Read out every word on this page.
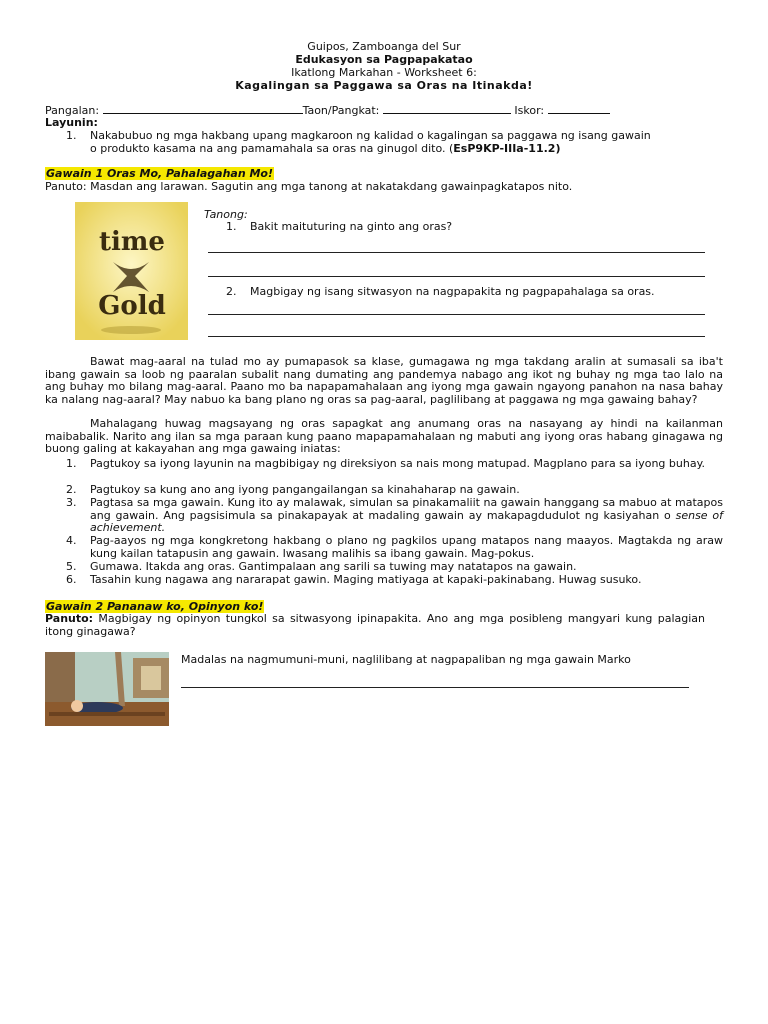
Guipos, Zamboanga del Sur
Edukasyon sa Pagpapakatao
Ikatlong Markahan - Worksheet 6:
Kagalingan sa Paggawa sa Oras na Itinakda!
Pangalan:	Taon/Pangkat:	Iskor:
Layunin:
1. Nakabubuo ng mga hakbang upang magkaroon ng kalidad o kagalingan sa paggawa ng isang gawain
o produkto kasama na ang pamamahala sa oras na ginugol dito. (EsP9KP-IIIa-11.2)
Gawain 1 Oras Mo, Pahalagahan Mo!
Panuto: Masdan ang larawan. Sagutin ang mga tanong at nakatakdang gawainpagkatapos nito.
time
Gold
Tanong:
1. Bakit maituturing na ginto ang oras?
2. Magbigay ng isang sitwasyon na nagpapakita ng pagpapahalaga sa oras.
Bawat mag-aaral na tulad mo ay pumapasok sa klase, gumagawa ng mga takdang aralin at sumasali sa iba't ibang gawain sa loob ng paaralan subalit nang dumating ang pandemya nabago ang ikot ng buhay ng mga tao lalo na ang buhay mo bilang mag-aaral. Paano mo ba napapamahalaan ang iyong mga gawain ngayong panahon na nasa bahay ka nalang nag-aaral? May nabuo ka bang plano ng oras sa pag-aaral, paglilibang at paggawa ng mga gawaing bahay?
Mahalagang huwag magsayang ng oras sapagkat ang anumang oras na nasayang ay hindi na kailanman maibabalik. Narito ang ilan sa mga paraan kung paano mapapamahalaan ng mabuti ang iyong oras habang ginagawa ng buong galing at kakayahan ang mga gawaing iniatas:
1. Pagtukoy sa iyong layunin na magbibigay ng direksiyon sa nais mong matupad. Magplano para sa iyong buhay.
2. Pagtukoy sa kung ano ang iyong pangangailangan sa kinahaharap na gawain.
3. Pagtasa sa mga gawain. Kung ito ay malawak, simulan sa pinakamaliit na gawain hanggang sa mabuo at matapos ang gawain. Ang pagsisimula sa pinakapayak at madaling gawain ay makapagdudulot ng kasiyahan o sense of achievement.
4. Pag-aayos ng mga kongkretong hakbang o plano ng pagkilos upang matapos nang maayos. Magtakda ng araw kung kailan tatapusin ang gawain. Iwasang malihis sa ibang gawain. Mag-pokus.
5. Gumawa. Itakda ang oras. Gantimpalaan ang sarili sa tuwing may natatapos na gawain.
6. Tasahin kung nagawa ang nararapat gawin. Maging matiyaga at kapaki-pakinabang. Huwag susuko.
Gawain 2 Pananaw ko, Opinyon ko!
Panuto: Magbigay ng opinyon tungkol sa sitwasyong ipinapakita. Ano ang mga posibleng mangyari kung palagian itong ginagawa?
Madalas na nagmumuni-muni, naglilibang at nagpapaliban ng mga gawain Marko
